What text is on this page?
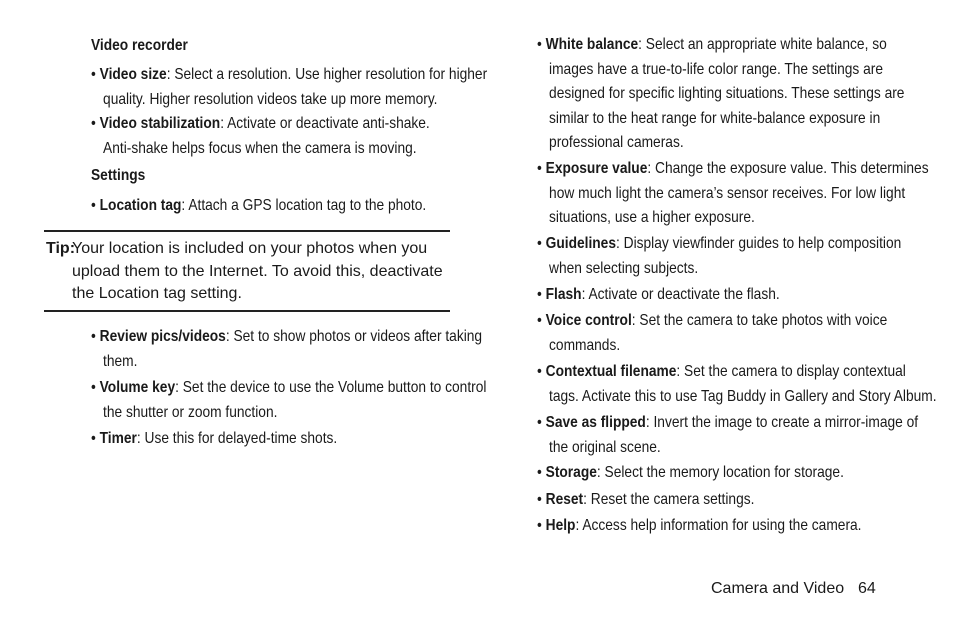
Video recorder
• Video size: Select a resolution. Use higher resolution for higher
quality. Higher resolution videos take up more memory.
• Video stabilization: Activate or deactivate anti-shake.
Anti-shake helps focus when the camera is moving.
Settings
• Location tag: Attach a GPS location tag to the photo.
Tip:
Your location is included on your photos when you upload them to the Internet. To avoid this, deactivate the Location tag setting.
• Review pics/videos: Set to show photos or videos after taking
them.
• Volume key: Set the device to use the Volume button to control
the shutter or zoom function.
• Timer: Use this for delayed-time shots.
• White balance: Select an appropriate white balance, so
images have a true-to-life color range. The settings are
designed for specific lighting situations. These settings are
similar to the heat range for white-balance exposure in
professional cameras.
• Exposure value: Change the exposure value. This determines
how much light the camera’s sensor receives. For low light
situations, use a higher exposure.
• Guidelines: Display viewfinder guides to help composition
when selecting subjects.
• Flash: Activate or deactivate the flash.
• Voice control: Set the camera to take photos with voice
commands.
• Contextual filename: Set the camera to display contextual
tags. Activate this to use Tag Buddy in Gallery and Story Album.
• Save as flipped: Invert the image to create a mirror-image of
the original scene.
• Storage: Select the memory location for storage.
• Reset: Reset the camera settings.
• Help: Access help information for using the camera.
Camera and Video 64
